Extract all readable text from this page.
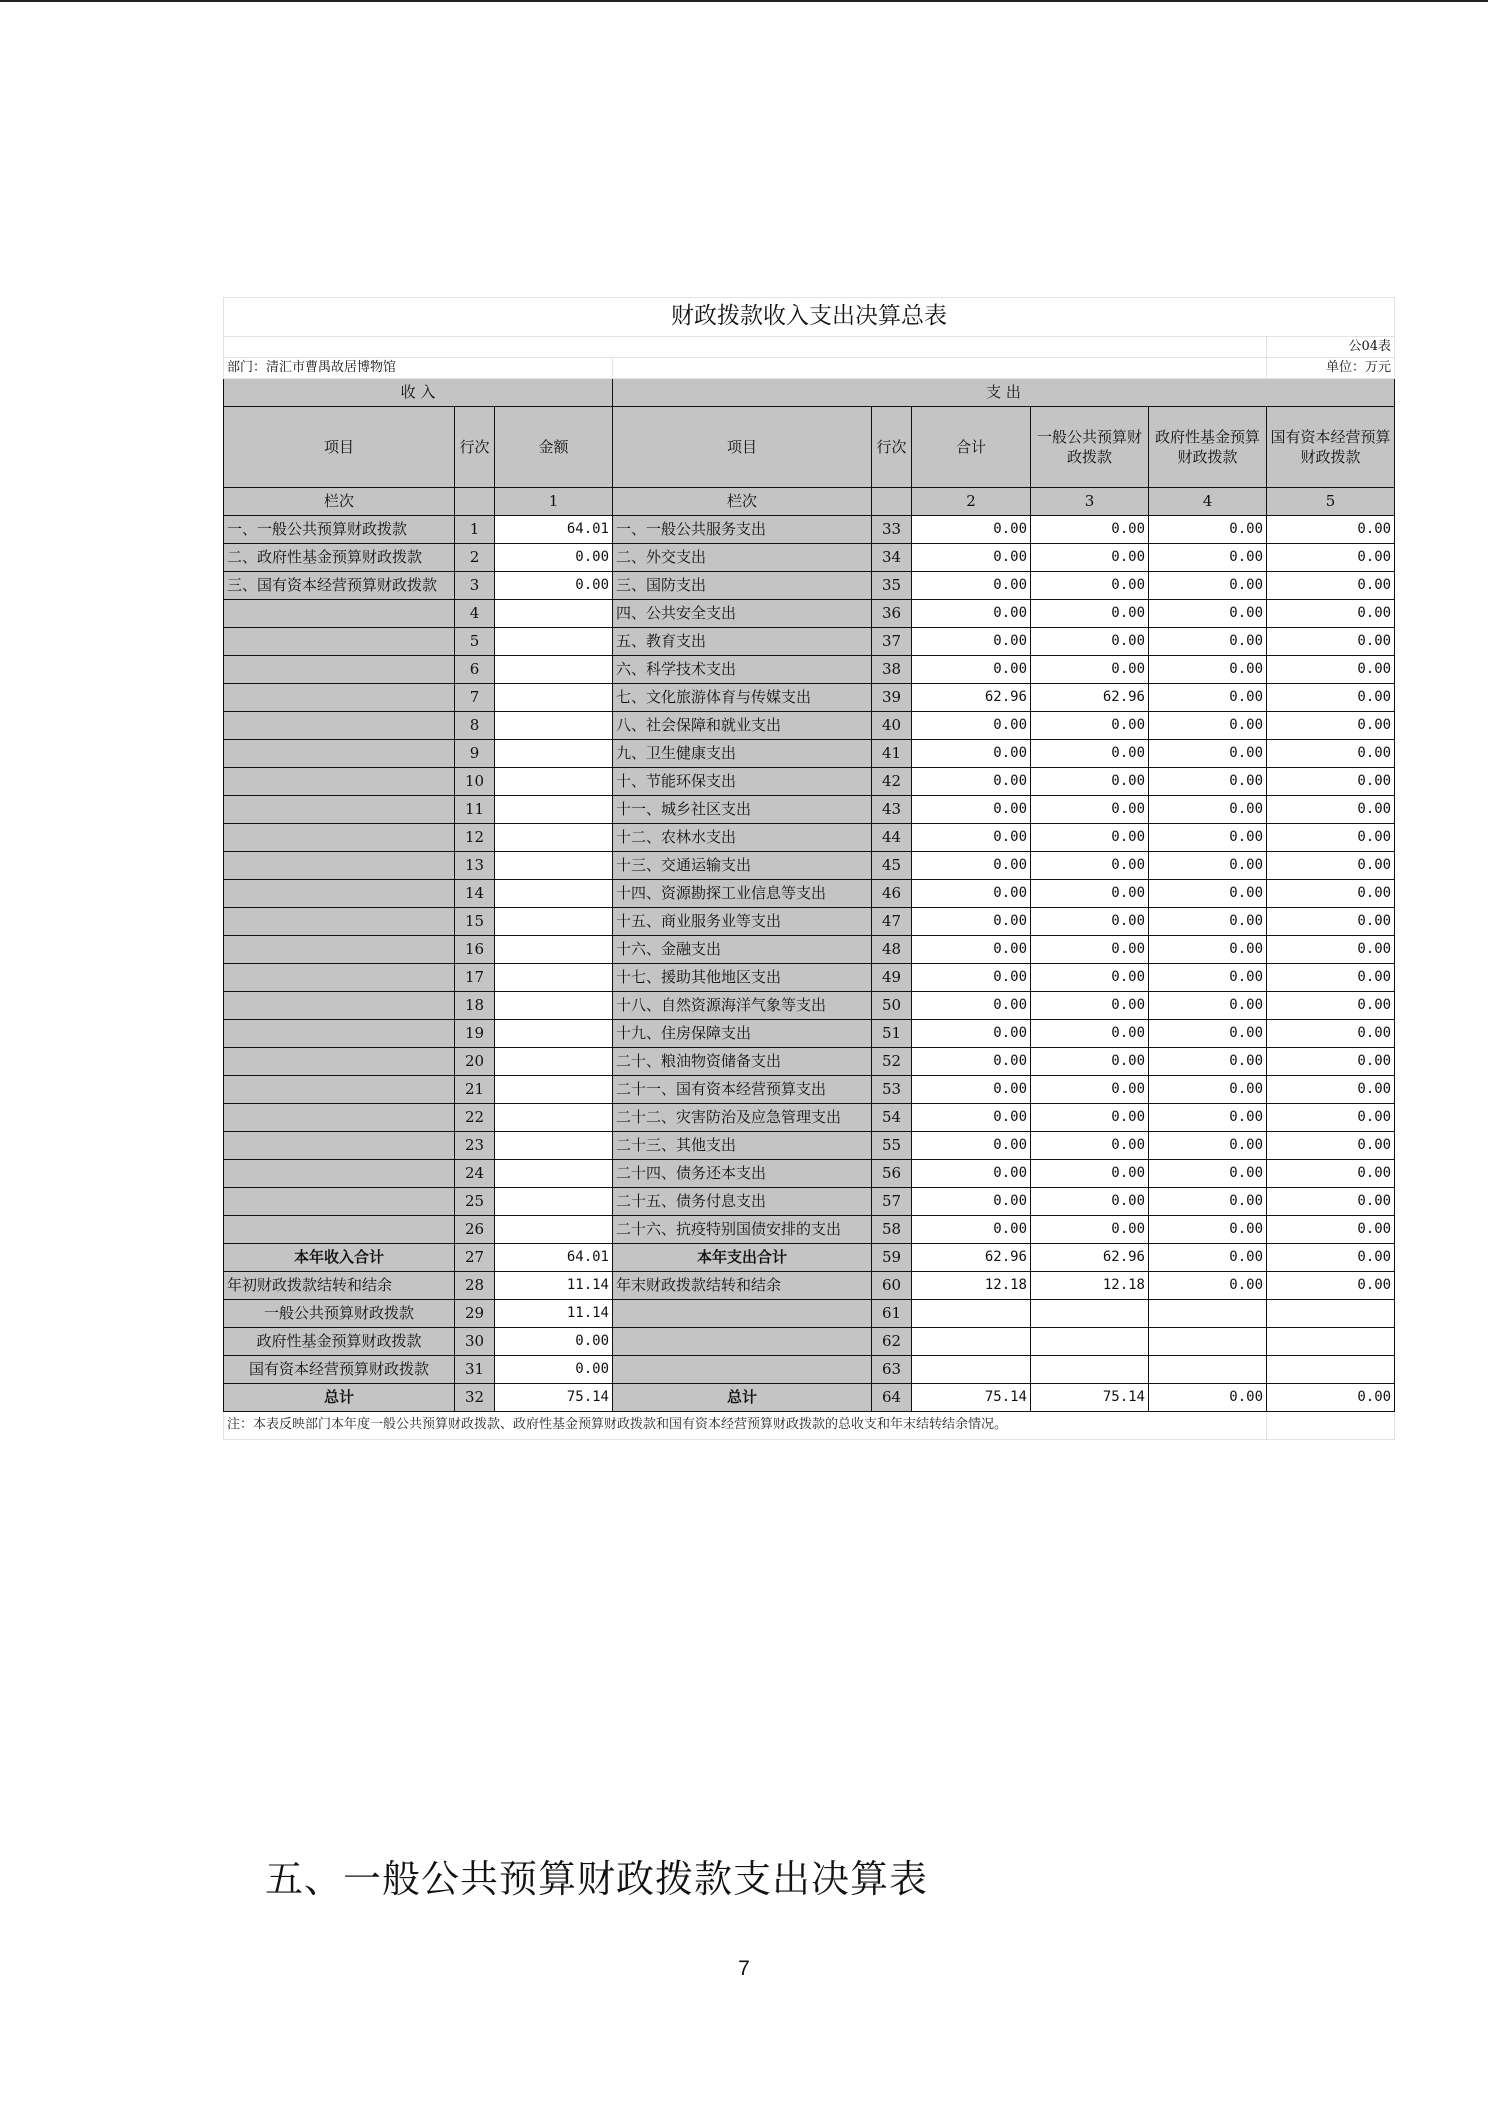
财政拨款收入支出决算总表								
								公04表
部门：清汇市曹禺故居博物馆								单位：万元
收 入			支 出					
项目	行次	金额	项目	行次	合计	一般公共预算财政拨款	政府性基金预算财政拨款	国有资本经营预算财政拨款
栏次		1	栏次		2	3	4	5
一、一般公共预算财政拨款	1	64.01	一、一般公共服务支出	33	0.00	0.00	0.00	0.00
二、政府性基金预算财政拨款	2	0.00	二、外交支出	34	0.00	0.00	0.00	0.00
三、国有资本经营预算财政拨款	3	0.00	三、国防支出	35	0.00	0.00	0.00	0.00
	4		四、公共安全支出	36	0.00	0.00	0.00	0.00
	5		五、教育支出	37	0.00	0.00	0.00	0.00
	6		六、科学技术支出	38	0.00	0.00	0.00	0.00
	7		七、文化旅游体育与传媒支出	39	62.96	62.96	0.00	0.00
	8		八、社会保障和就业支出	40	0.00	0.00	0.00	0.00
	9		九、卫生健康支出	41	0.00	0.00	0.00	0.00
	10		十、节能环保支出	42	0.00	0.00	0.00	0.00
	11		十一、城乡社区支出	43	0.00	0.00	0.00	0.00
	12		十二、农林水支出	44	0.00	0.00	0.00	0.00
	13		十三、交通运输支出	45	0.00	0.00	0.00	0.00
	14		十四、资源勘探工业信息等支出	46	0.00	0.00	0.00	0.00
	15		十五、商业服务业等支出	47	0.00	0.00	0.00	0.00
	16		十六、金融支出	48	0.00	0.00	0.00	0.00
	17		十七、援助其他地区支出	49	0.00	0.00	0.00	0.00
	18		十八、自然资源海洋气象等支出	50	0.00	0.00	0.00	0.00
	19		十九、住房保障支出	51	0.00	0.00	0.00	0.00
	20		二十、粮油物资储备支出	52	0.00	0.00	0.00	0.00
	21		二十一、国有资本经营预算支出	53	0.00	0.00	0.00	0.00
	22		二十二、灾害防治及应急管理支出	54	0.00	0.00	0.00	0.00
	23		二十三、其他支出	55	0.00	0.00	0.00	0.00
	24		二十四、债务还本支出	56	0.00	0.00	0.00	0.00
	25		二十五、债务付息支出	57	0.00	0.00	0.00	0.00
	26		二十六、抗疫特别国债安排的支出	58	0.00	0.00	0.00	0.00
本年收入合计	27	64.01	本年支出合计	59	62.96	62.96	0.00	0.00
年初财政拨款结转和结余	28	11.14	年末财政拨款结转和结余	60	12.18	12.18	0.00	0.00
一般公共预算财政拨款	29	11.14		61				
政府性基金预算财政拨款	30	0.00		62				
国有资本经营预算财政拨款	31	0.00		63				
总计	32	75.14	总计	64	75.14	75.14	0.00	0.00
注：本表反映部门本年度一般公共预算财政拨款、政府性基金预算财政拨款和国有资本经营预算财政拨款的总收支和年末结转结余情况。								
五、一般公共预算财政拨款支出决算表
7
